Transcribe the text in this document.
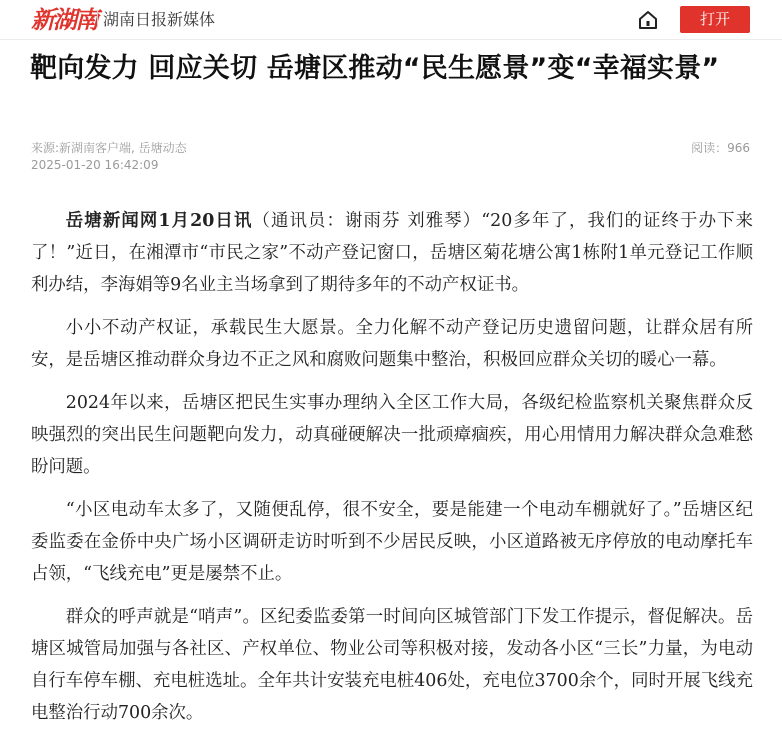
新湖南 湖南日报新媒体	打开
靶向发力 回应关切 岳塘区推动“民生愿景”变“幸福实景”
来源:新湖南客户端, 岳塘动态
2025-01-20 16:42:09
阅读：966

岳塘新闻网1月20日讯（通讯员：谢雨芬 刘雅琴）“20多年了，我们的证终于办下来了！”近日，在湘潭市“市民之家”不动产登记窗口，岳塘区菊花塘公寓1栋附1单元登记工作顺利办结，李海娟等9名业主当场拿到了期待多年的不动产权证书。

小小不动产权证，承载民生大愿景。全力化解不动产登记历史遗留问题，让群众居有所安，是岳塘区推动群众身边不正之风和腐败问题集中整治，积极回应群众关切的暖心一幕。

2024年以来，岳塘区把民生实事办理纳入全区工作大局，各级纪检监察机关聚焦群众反映强烈的突出民生问题靶向发力，动真碰硬解决一批顽瘴痼疾，用心用情用力解决群众急难愁盼问题。

“小区电动车太多了，又随便乱停，很不安全，要是能建一个电动车棚就好了。”岳塘区纪委监委在金侨中央广场小区调研走访时听到不少居民反映，小区道路被无序停放的电动摩托车占领，“飞线充电”更是屡禁不止。

群众的呼声就是“哨声”。区纪委监委第一时间向区城管部门下发工作提示，督促解决。岳塘区城管局加强与各社区、产权单位、物业公司等积极对接，发动各小区“三长”力量，为电动自行车停车棚、充电桩选址。全年共计安装充电桩406处，充电位3700余个，同时开展飞线充电整治行动700余次。
